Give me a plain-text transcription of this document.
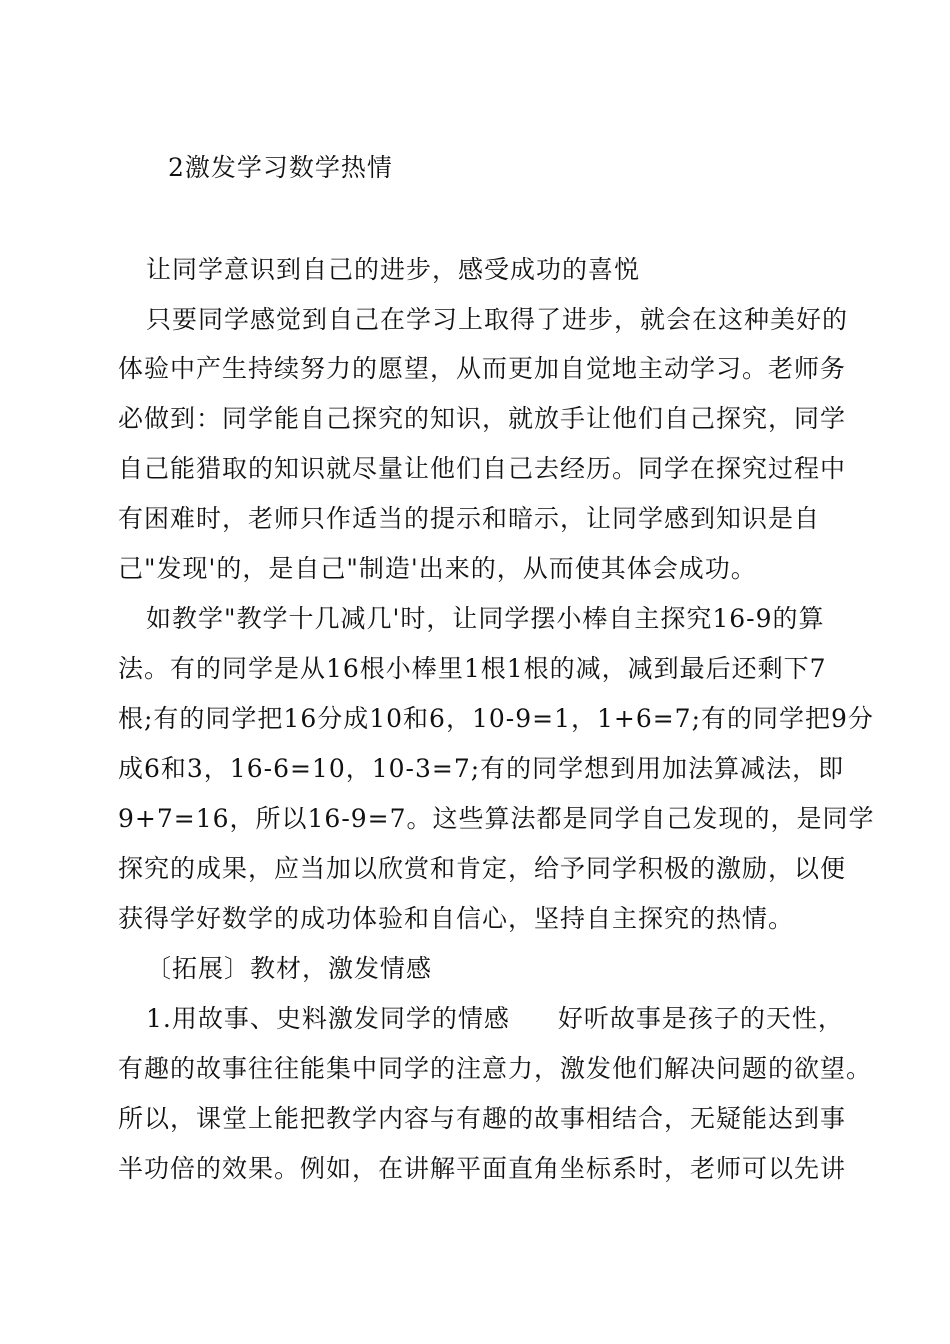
2激发学习数学热情
让同学意识到自己的进步，感受成功的喜悦
只要同学感觉到自己在学习上取得了进步，就会在这种美好的
体验中产生持续努力的愿望，从而更加自觉地主动学习。老师务
必做到：同学能自己探究的知识，就放手让他们自己探究，同学
自己能猎取的知识就尽量让他们自己去经历。同学在探究过程中
有困难时，老师只作适当的提示和暗示，让同学感到知识是自
己"发现'的，是自己"制造'出来的，从而使其体会成功。
如教学"教学十几减几'时，让同学摆小棒自主探究16-9的算
法。有的同学是从16根小棒里1根1根的减，减到最后还剩下7
根;有的同学把16分成10和6，10-9=1，1+6=7;有的同学把9分
成6和3，16-6=10，10-3=7;有的同学想到用加法算减法，即
9+7=16，所以16-9=7。这些算法都是同学自己发现的，是同学
探究的成果，应当加以欣赏和肯定，给予同学积极的激励，以便
获得学好数学的成功体验和自信心，坚持自主探究的热情。
〔拓展〕教材，激发情感
1.用故事、史料激发同学的情感 好听故事是孩子的天性，
有趣的故事往往能集中同学的注意力，激发他们解决问题的欲望。
所以，课堂上能把教学内容与有趣的故事相结合，无疑能达到事
半功倍的效果。例如，在讲解平面直角坐标系时，老师可以先讲
